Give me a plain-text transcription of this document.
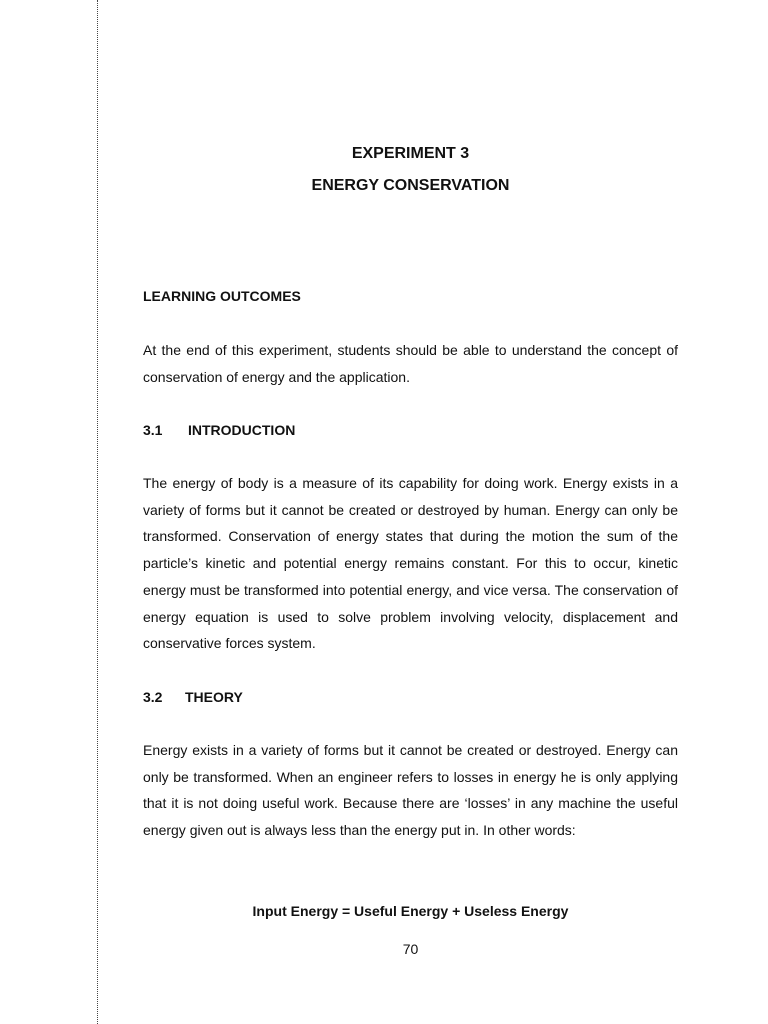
EXPERIMENT 3
ENERGY CONSERVATION
LEARNING OUTCOMES

At the end of this experiment, students should be able to understand the concept of conservation of energy and the application.

3.1 INTRODUCTION

The energy of body is a measure of its capability for doing work. Energy exists in a variety of forms but it cannot be created or destroyed by human. Energy can only be transformed. Conservation of energy states that during the motion the sum of the particle’s kinetic and potential energy remains constant. For this to occur, kinetic energy must be transformed into potential energy, and vice versa. The conservation of energy equation is used to solve problem involving velocity, displacement and conservative forces system.

3.2 THEORY

Energy exists in a variety of forms but it cannot be created or destroyed. Energy can only be transformed. When an engineer refers to losses in energy he is only applying that it is not doing useful work. Because there are ‘losses’ in any machine the useful energy given out is always less than the energy put in. In other words:

Input Energy = Useful Energy + Useless Energy

70
